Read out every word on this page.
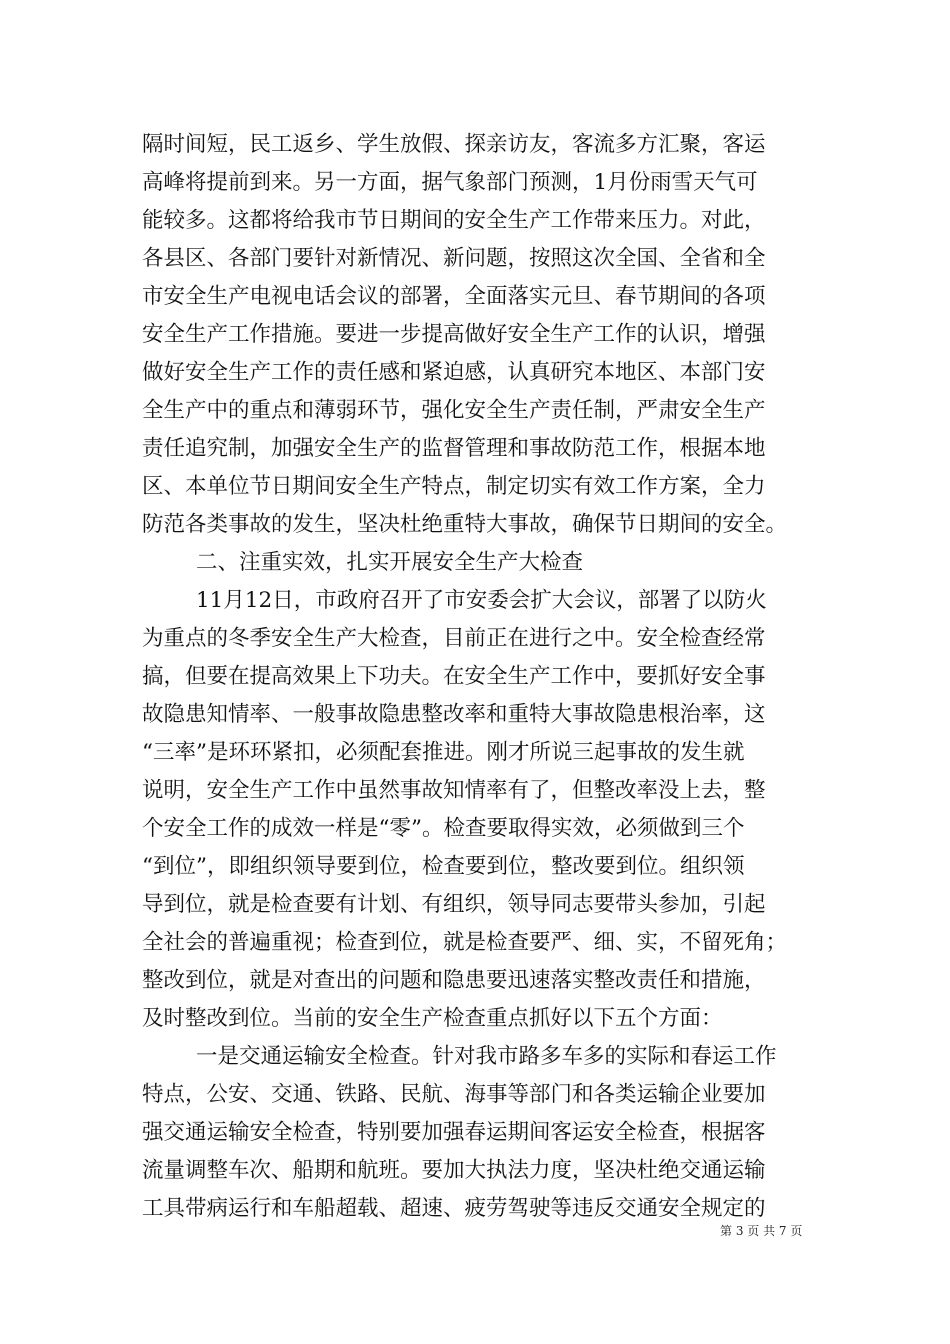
隔时间短，民工返乡、学生放假、探亲访友，客流多方汇聚，客运
高峰将提前到来。另一方面，据气象部门预测，1月份雨雪天气可
能较多。这都将给我市节日期间的安全生产工作带来压力。对此，
各县区、各部门要针对新情况、新问题，按照这次全国、全省和全
市安全生产电视电话会议的部署，全面落实元旦、春节期间的各项
安全生产工作措施。要进一步提高做好安全生产工作的认识，增强
做好安全生产工作的责任感和紧迫感，认真研究本地区、本部门安
全生产中的重点和薄弱环节，强化安全生产责任制，严肃安全生产
责任追究制，加强安全生产的监督管理和事故防范工作，根据本地
区、本单位节日期间安全生产特点，制定切实有效工作方案，全力
防范各类事故的发生，坚决杜绝重特大事故，确保节日期间的安全。
二、注重实效，扎实开展安全生产大检查
11月12日，市政府召开了市安委会扩大会议，部署了以防火
为重点的冬季安全生产大检查，目前正在进行之中。安全检查经常
搞，但要在提高效果上下功夫。在安全生产工作中，要抓好安全事
故隐患知情率、一般事故隐患整改率和重特大事故隐患根治率，这
“三率”是环环紧扣，必须配套推进。刚才所说三起事故的发生就
说明，安全生产工作中虽然事故知情率有了，但整改率没上去，整
个安全工作的成效一样是“零”。检查要取得实效，必须做到三个
“到位”，即组织领导要到位，检查要到位，整改要到位。组织领
导到位，就是检查要有计划、有组织，领导同志要带头参加，引起
全社会的普遍重视；检查到位，就是检查要严、细、实，不留死角；
整改到位，就是对查出的问题和隐患要迅速落实整改责任和措施，
及时整改到位。当前的安全生产检查重点抓好以下五个方面：
一是交通运输安全检查。针对我市路多车多的实际和春运工作
特点，公安、交通、铁路、民航、海事等部门和各类运输企业要加
强交通运输安全检查，特别要加强春运期间客运安全检查，根据客
流量调整车次、船期和航班。要加大执法力度，坚决杜绝交通运输
工具带病运行和车船超载、超速、疲劳驾驶等违反交通安全规定的
第 3 页 共 7 页
